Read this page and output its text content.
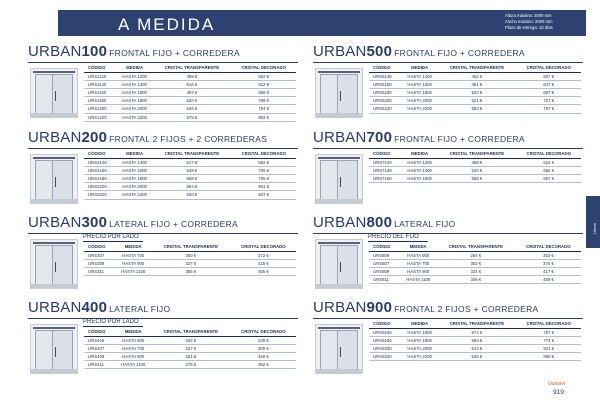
A MEDIDA	Altura máxima: 2000 mm
Ancho máximo: 2000 mm
Plazo de entrega: 15 días
Urban
URBAN100 FRONTAL FIJO + CORREDERA
CÓDIGO	MEDIDA	CRISTAL TRANSPARENTE	CRISTAL DECORADO
URS1120	HASTA 1200	498 €	562 €
URS1140	HASTA 1400	516 €	612 €
URS1160	HASTA 1600	493 €	658 €
URS1180	HASTA 1800	520 €	706 €
URS1200	HASTA 2000	546 €	754 €
URS1220	HASTA 2200	575 €	802 €
URBAN500 FRONTAL FIJO + CORREDERA
CÓDIGO	MEDIDA	CRISTAL TRANSPARENTE	CRISTAL DECORADO
URS5140	HASTA 1400	462 €	607 €
URS5160	HASTA 1600	481 €	647 €
URS5180	HASTA 1800	502 €	687 €
URS5200	HASTA 2000	521 €	727 €
URS5220	HASTA 2200	553 €	767 €
URBAN200 FRONTAL 2 FIJOS + 2 CORREDERAS
CÓDIGO	MEDIDA	CRISTAL TRANSPARENTE	CRISTAL DECORADO
URS2140	HASTA 1400	517 €	652 €
URS2160	HASTA 1600	549 €	706 €
URS2180	HASTA 1800	568 €	755 €
URS2200	HASTA 2000	594 €	801 €
URS2220	HASTA 2200	620 €	847 €
URBAN700 FRONTAL FIJO + CORREDERA
CÓDIGO	MEDIDA	CRISTAL TRANSPARENTE	CRISTAL DECORADO
URS7120	HASTA 1200	488 €	612 €
URS7140	HASTA 1400	520 €	655 €
URS7160	HASTA 1600	555 €	697 €
URBAN300 LATERAL FIJO + CORREDERA
PRECIO POR LADO
CÓDIGO	MEDIDA	CRISTAL TRANSPARENTE	CRISTAL DECORADO
URS307	HASTA 700	300 €	372 €
URS309	HASTA 900	327 €	420 €
URS311	HASTA 1100	355 €	466 €
URBAN800 LATERAL FIJO
PRECIO DEL FIJO
CÓDIGO	MEDIDA	CRISTAL TRANSPARENTE	CRISTAL DECORADO
URS809	HASTA 900	284 €	352 €
URS807	HASTA 700	302 €	375 €
URS809	HASTA 900	324 €	417 €
URS811	HASTA 1100	346 €	459 €
URBAN400 LATERAL FIJO
PRECIO POR LADO
CÓDIGO	MEDIDA	CRISTAL TRANSPARENTE	CRISTAL DECORADO
URS405	HASTA 500	202 €	239 €
URS407	HASTA 700	227 €	300 €
URS409	HASTA 900	251 €	346 €
URS411	HASTA 1100	276 €	392 €
URBAN900 FRONTAL 2 FIJOS + CORREDERA
CÓDIGO	MEDIDA	CRISTAL TRANSPARENTE	CRISTAL DECORADO
URS9160	HASTA 1600	574 €	757 €
URS9180	HASTA 1800	593 €	774 €
URS9200	HASTA 2000	614 €	821 €
URS9220	HASTA 2200	636 €	869 €
Gustavi
919
